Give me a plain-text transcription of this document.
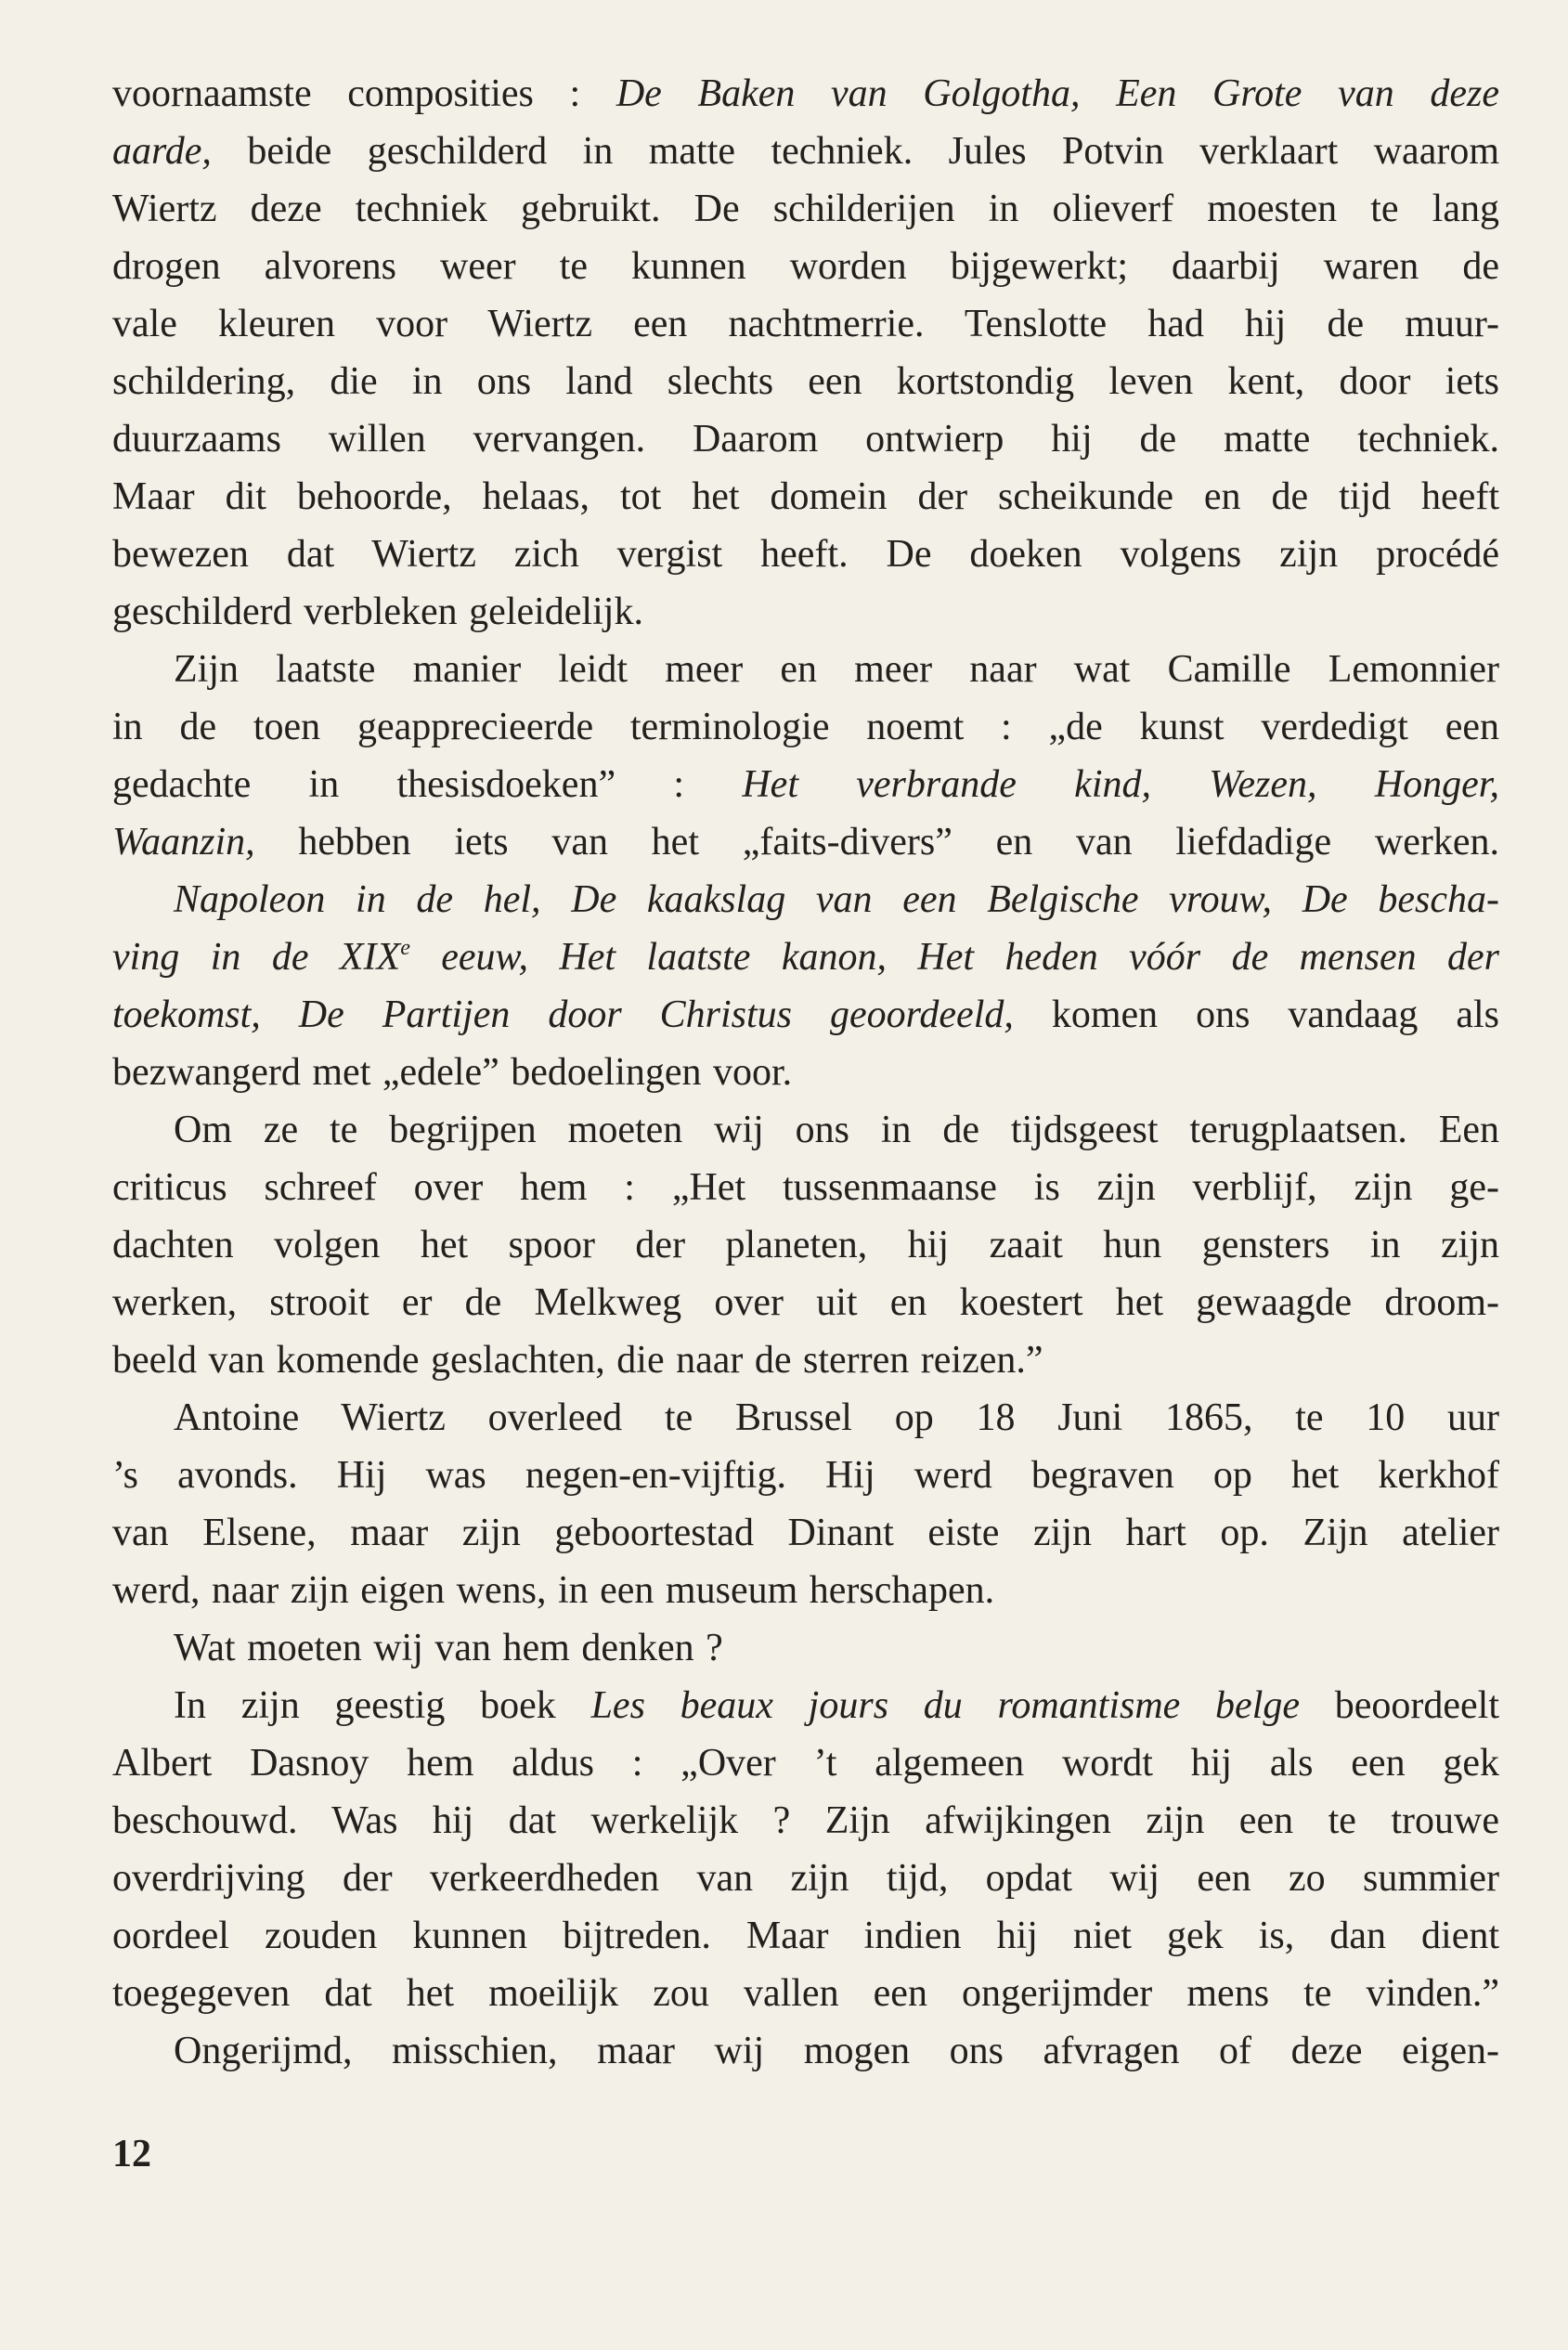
voornaamste composities : De Baken van Golgotha, Een Grote van deze
aarde, beide geschilderd in matte techniek. Jules Potvin verklaart waarom
Wiertz deze techniek gebruikt. De schilderijen in olieverf moesten te lang
drogen alvorens weer te kunnen worden bijgewerkt; daarbij waren de
vale kleuren voor Wiertz een nachtmerrie. Tenslotte had hij de muur-
schildering, die in ons land slechts een kortstondig leven kent, door iets
duurzaams willen vervangen. Daarom ontwierp hij de matte techniek.
Maar dit behoorde, helaas, tot het domein der scheikunde en de tijd heeft
bewezen dat Wiertz zich vergist heeft. De doeken volgens zijn procédé
geschilderd verbleken geleidelijk.
Zijn laatste manier leidt meer en meer naar wat Camille Lemonnier
in de toen geapprecieerde terminologie noemt : „de kunst verdedigt een
gedachte in thesisdoeken” : Het verbrande kind, Wezen, Honger,
Waanzin, hebben iets van het „faits-divers” en van liefdadige werken.
Napoleon in de hel, De kaakslag van een Belgische vrouw, De bescha-
ving in de XIXe eeuw, Het laatste kanon, Het heden vóór de mensen der
toekomst, De Partijen door Christus geoordeeld, komen ons vandaag als
bezwangerd met „edele” bedoelingen voor.
Om ze te begrijpen moeten wij ons in de tijdsgeest terugplaatsen. Een
criticus schreef over hem : „Het tussenmaanse is zijn verblijf, zijn ge-
dachten volgen het spoor der planeten, hij zaait hun gensters in zijn
werken, strooit er de Melkweg over uit en koestert het gewaagde droom-
beeld van komende geslachten, die naar de sterren reizen.”
Antoine Wiertz overleed te Brussel op 18 Juni 1865, te 10 uur
’s avonds. Hij was negen-en-vijftig. Hij werd begraven op het kerkhof
van Elsene, maar zijn geboortestad Dinant eiste zijn hart op. Zijn atelier
werd, naar zijn eigen wens, in een museum herschapen.
Wat moeten wij van hem denken ?
In zijn geestig boek Les beaux jours du romantisme belge beoordeelt
Albert Dasnoy hem aldus : „Over ’t algemeen wordt hij als een gek
beschouwd. Was hij dat werkelijk ? Zijn afwijkingen zijn een te trouwe
overdrijving der verkeerdheden van zijn tijd, opdat wij een zo summier
oordeel zouden kunnen bijtreden. Maar indien hij niet gek is, dan dient
toegegeven dat het moeilijk zou vallen een ongerijmder mens te vinden.”
Ongerijmd, misschien, maar wij mogen ons afvragen of deze eigen-
12
